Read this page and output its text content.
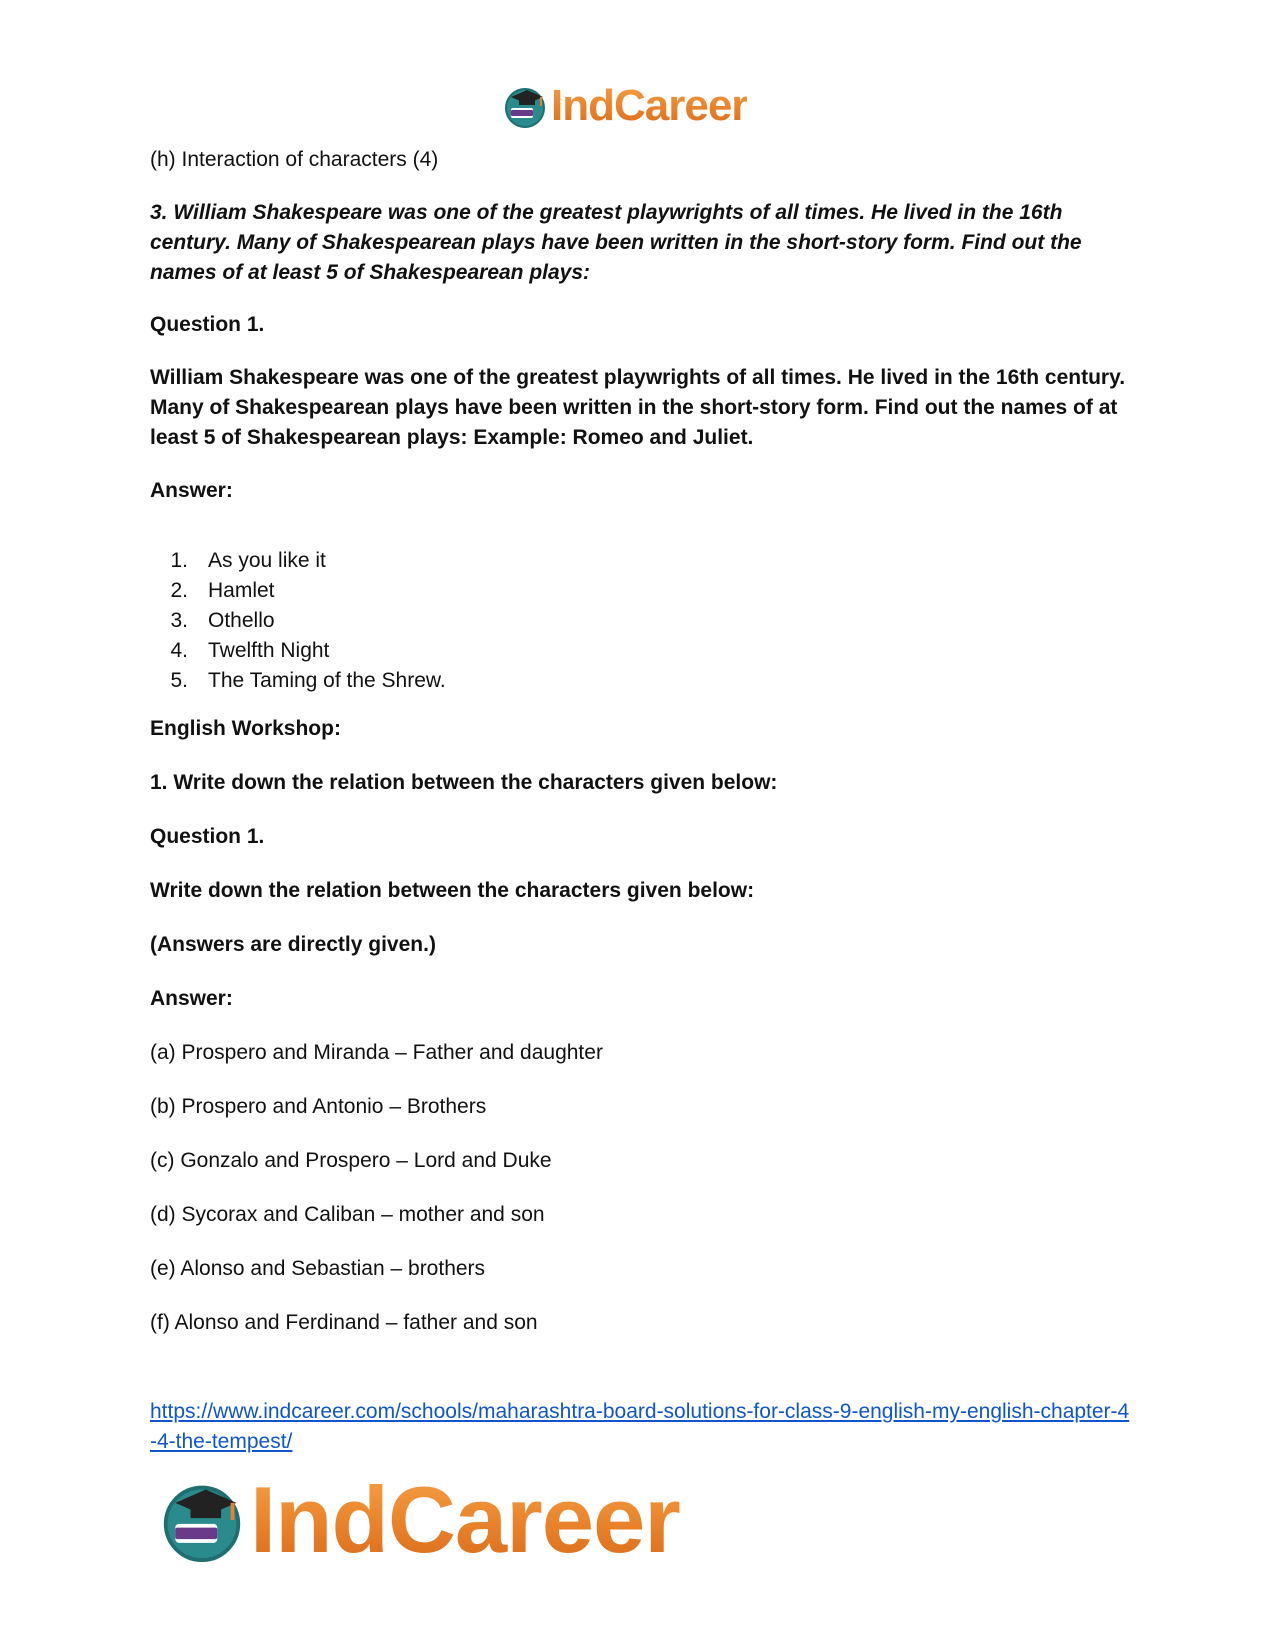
IndCareer

(h) Interaction of characters (4)

3. William Shakespeare was one of the greatest playwrights of all times. He lived in the 16th century. Many of Shakespearean plays have been written in the short-story form. Find out the names of at least 5 of Shakespearean plays:

Question 1.

William Shakespeare was one of the greatest playwrights of all times. He lived in the 16th century. Many of Shakespearean plays have been written in the short-story form. Find out the names of at least 5 of Shakespearean plays: Example: Romeo and Juliet.

Answer:

1. As you like it
2. Hamlet
3. Othello
4. Twelfth Night
5. The Taming of the Shrew.

English Workshop:

1. Write down the relation between the characters given below:

Question 1.

Write down the relation between the characters given below:

(Answers are directly given.)

Answer:

(a) Prospero and Miranda – Father and daughter

(b) Prospero and Antonio – Brothers

(c) Gonzalo and Prospero – Lord and Duke

(d) Sycorax and Caliban – mother and son

(e) Alonso and Sebastian – brothers

(f) Alonso and Ferdinand – father and son

https://www.indcareer.com/schools/maharashtra-board-solutions-for-class-9-english-my-english-chapter-4-4-the-tempest/
IndCareer
